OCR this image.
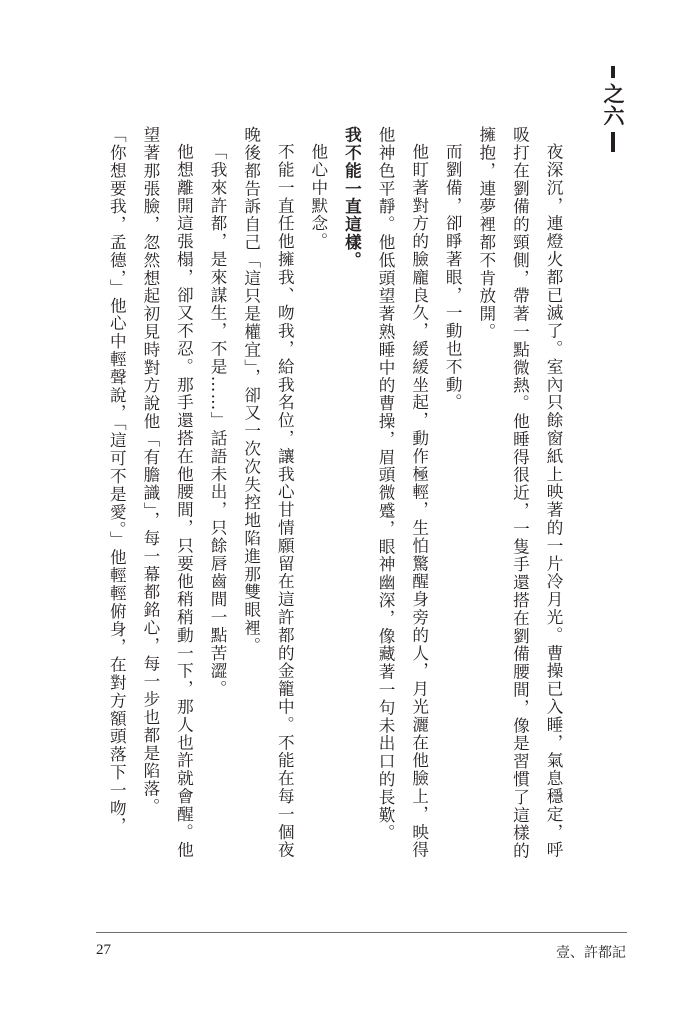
之六

夜深沉，連燈火都已滅了。室內只餘窗紙上映著的一片冷月光。曹操已入睡，氣息穩定，呼吸打在劉備的頸側，帶著一點微熱。他睡得很近，一隻手還搭在劉備腰間，像是習慣了這樣的擁抱，連夢裡都不肯放開。

而劉備，卻睜著眼，一動也不動。

他盯著對方的臉龐良久，緩緩坐起，動作極輕，生怕驚醒身旁的人，月光灑在他臉上，映得他神色平靜。他低頭望著熟睡中的曹操，眉頭微蹙，眼神幽深，像藏著一句未出口的長歎。

我不能一直這樣。

他心中默念。

不能一直任他擁我、吻我，給我名位，讓我心甘情願留在這許都的金籠中。不能在每一個夜晚後都告訴自己「這只是權宜」，卻又一次次失控地陷進那雙眼裡。

「我來許都，是來謀生，不是……」話語未出，只餘唇齒間一點苦澀。

他想離開這張榻，卻又不忍。那手還搭在他腰間，只要他稍稍動一下，那人也許就會醒。他望著那張臉，忽然想起初見時對方說他「有膽識」，每一幕都銘心，每一步也都是陷落。

「你想要我，孟德，」他心中輕聲說，「這可不是愛。」他輕輕俯身，在對方額頭落下一吻，

27	壹、許都記
